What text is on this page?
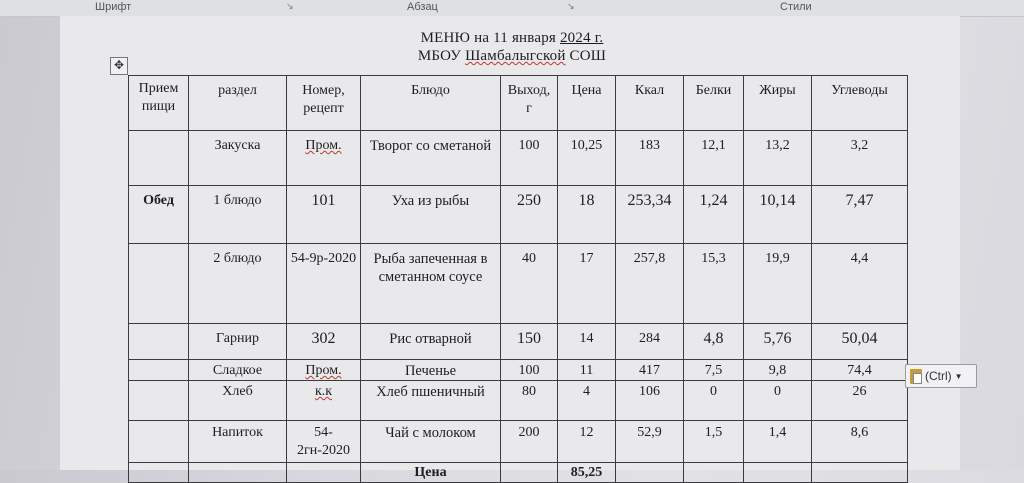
Шрифт	↘	Абзац	↘	Стили
МЕНЮ на 11 января 2024 г.
МБОУ Шамбалыгской СОШ
✥
Прием пищи	раздел	Номер, рецепт	Блюдо	Выход, г	Цена	Ккал	Белки	Жиры	Углеводы
	Закуска	Пром.	Творог со сметаной	100	10,25	183	12,1	13,2	3,2
Обед	1 блюдо	101	Уха из рыбы	250	18	253,34	1,24	10,14	7,47
	2 блюдо	54-9р-2020	Рыба запеченная в сметанном соусе	40	17	257,8	15,3	19,9	4,4
	Гарнир	302	Рис отварной	150	14	284	4,8	5,76	50,04
	Сладкое	Пром.	Печенье	100	11	417	7,5	9,8	74,4
	Хлеб	к.к	Хлеб пшеничный	80	4	106	0	0	26
	Напиток	54-2гн-2020	Чай с молоком	200	12	52,9	1,5	1,4	8,6
			Цена		85,25				
(Ctrl) ▼
